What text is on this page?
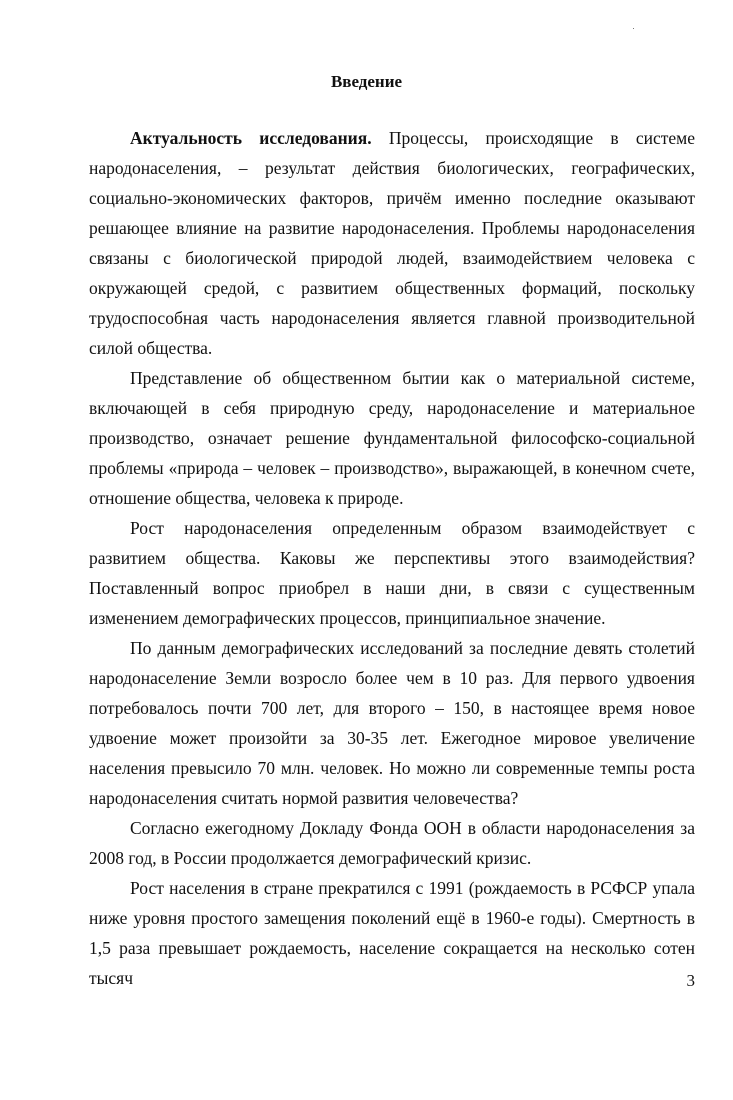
Введение

Актуальность исследования. Процессы, происходящие в системе народонаселения, – результат действия биологических, географических, социально-экономических факторов, причём именно последние оказывают решающее влияние на развитие народонаселения. Проблемы народонаселения связаны с биологической природой людей, взаимодействием человека с окружающей средой, с развитием общественных формаций, поскольку трудоспособная часть народонаселения является главной производительной силой общества.

Представление об общественном бытии как о материальной системе, включающей в себя природную среду, народонаселение и материальное производство, означает решение фундаментальной философско-социальной проблемы «природа – человек – производство», выражающей, в конечном счете, отношение общества, человека к природе.

Рост народонаселения определенным образом взаимодействует с развитием общества. Каковы же перспективы этого взаимодействия? Поставленный вопрос приобрел в наши дни, в связи с существенным изменением демографических процессов, принципиальное значение.

По данным демографических исследований за последние девять столетий народонаселение Земли возросло более чем в 10 раз. Для первого удвоения потребовалось почти 700 лет, для второго – 150, в настоящее время новое удвоение может произойти за 30-35 лет. Ежегодное мировое увеличение населения превысило 70 млн. человек. Но можно ли современные темпы роста народонаселения считать нормой развития человечества?

Согласно ежегодному Докладу Фонда ООН в области народонаселения за 2008 год, в России продолжается демографический кризис.

Рост населения в стране прекратился с 1991 (рождаемость в РСФСР упала ниже уровня простого замещения поколений ещё в 1960-е годы). Смертность в 1,5 раза превышает рождаемость, население сокращается на несколько сотен тысяч	3
